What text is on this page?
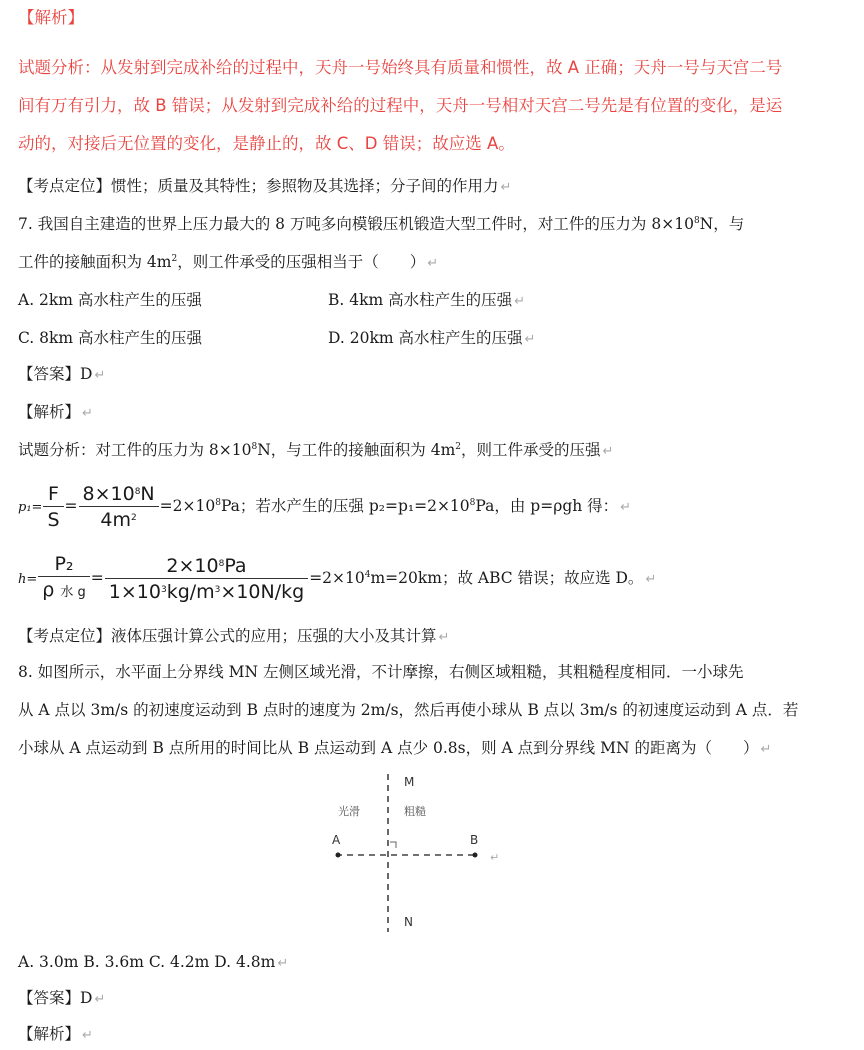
【解析】
试题分析：从发射到完成补给的过程中，天舟一号始终具有质量和惯性，故 A 正确；天舟一号与天宫二号
间有万有引力，故 B 错误；从发射到完成补给的过程中，天舟一号相对天宫二号先是有位置的变化，是运
动的，对接后无位置的变化，是静止的，故 C、D 错误；故应选 A。
【考点定位】惯性；质量及其特性；参照物及其选择；分子间的作用力 ↵
7. 我国自主建造的世界上压力最大的 8 万吨多向模锻压机锻造大型工件时，对工件的压力为 $8\times 10^8N$，与
工件的接触面积为 $4m^2$，则工件承受的压强相当于（　　） ↵
A. 2km 高水柱产生的压强	B. 4km 高水柱产生的压强 ↵
C. 8km 高水柱产生的压强	D. 20km 高水柱产生的压强 ↵
【答案】D ↵
【解析】 ↵
试题分析：对工件的压力为 $8\times 10^8N$，与工件的接触面积为 $4m^2$，则工件承受的压强 ↵
$p_1= \frac{F}{S} = \frac{8\times 10^8N}{4m^2} =2\times 10^8Pa$；若水产生的压强 $p_2=p_1=2\times 10^8Pa$，由 p=ρgh 得： ↵
$h= \frac{\text{P₂}}{\text{ρ 水 g}} = \frac{2\times 10^8Pa}{1\times 10^3kg/m^3\times 10N/kg} =2\times 10^4m=20km$；故 ABC 错误；故应选 D。 ↵
【考点定位】液体压强计算公式的应用；压强的大小及其计算 ↵
8. 如图所示，水平面上分界线 MN 左侧区域光滑，不计摩擦，右侧区域粗糙，其粗糙程度相同．一小球先
从 A 点以 3m/s 的初速度运动到 B 点时的速度为 2m/s，然后再使小球从 B 点以 3m/s 的初速度运动到 A 点．若
小球从 A 点运动到 B 点所用的时间比从 B 点运动到 A 点少 0.8s，则 A 点到分界线 MN 的距离为（　　） ↵
M
N
A	B
光滑	粗糙
↵
A. 3.0m B. 3.6m C. 4.2m D. 4.8m ↵
【答案】D ↵
【解析】 ↵
